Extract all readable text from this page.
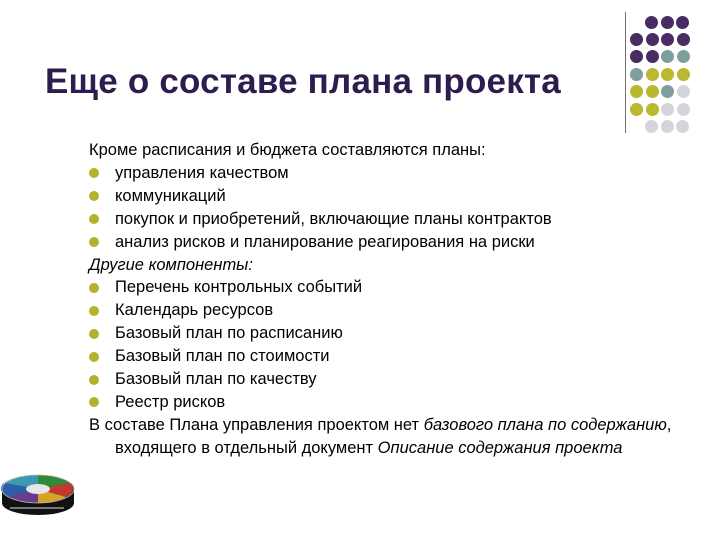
Еще о составе плана проекта
Кроме расписания и бюджета составляются планы:
управления качеством
коммуникаций
покупок и приобретений, включающие планы контрактов
анализ рисков и планирование реагирования на риски
Другие компоненты:
Перечень контрольных событий
Календарь ресурсов
Базовый план по расписанию
Базовый план по стоимости
Базовый план по качеству
Реестр рисков
В составе Плана управления проектом нет базового плана по содержанию, входящего в отдельный документ Описание содержания проекта
